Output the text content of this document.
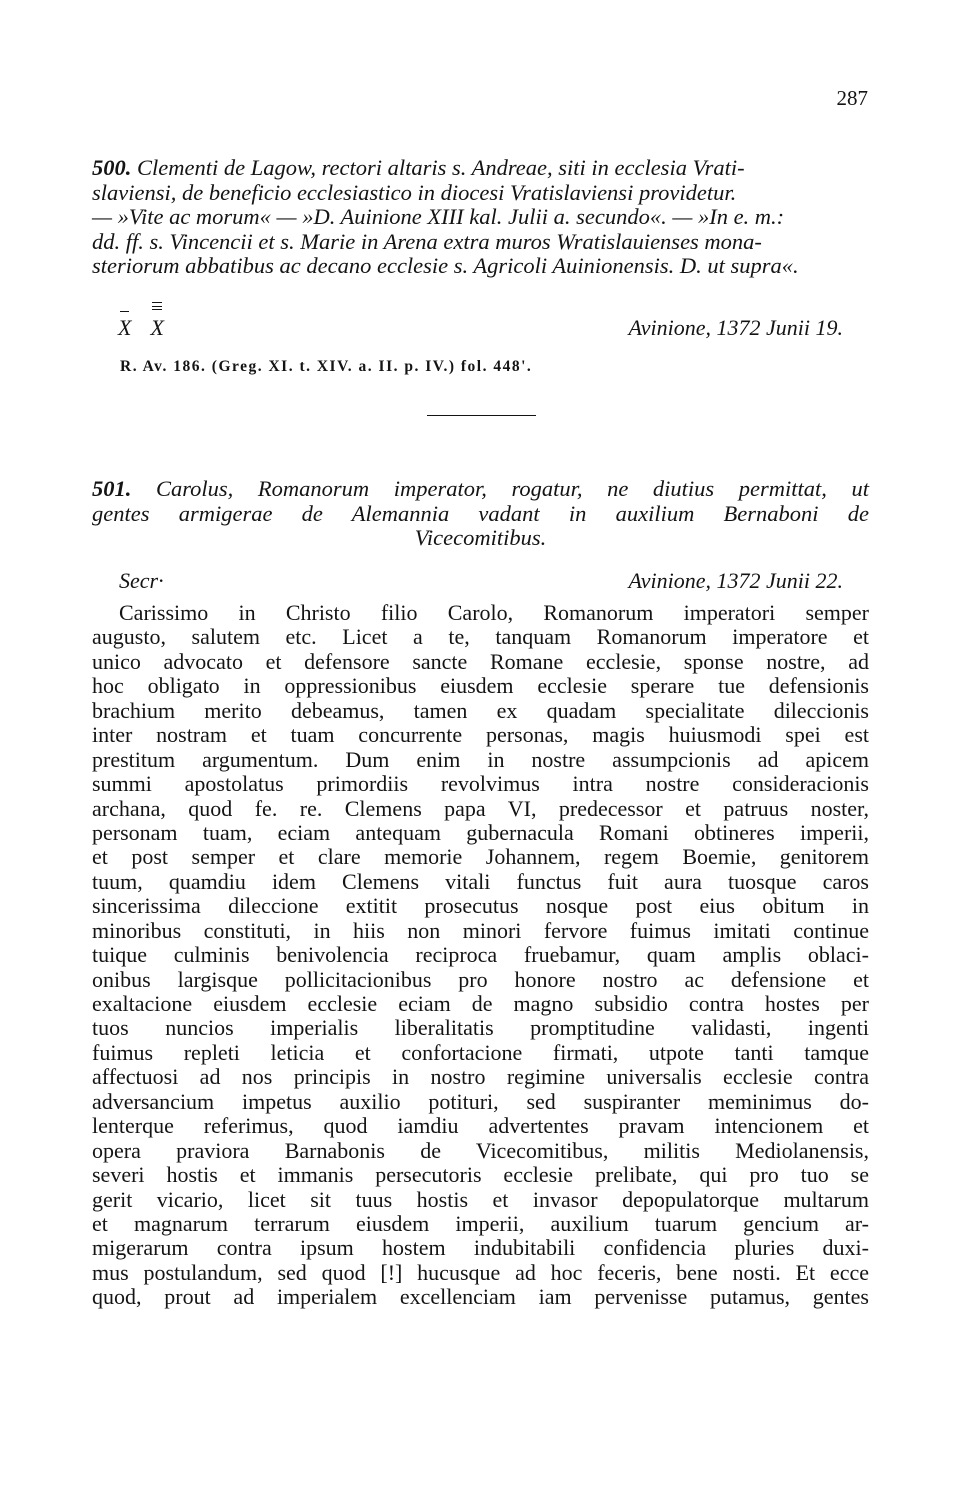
287
500. Clementi de Lagow, rectori altaris s. Andreae, siti in ecclesia Vrati-
slaviensi, de beneficio ecclesiastico in diocesi Vratislaviensi providetur.
— »Vite ac morum« — »D. Auinione XIII kal. Julii a. secundo«. — »In e. m.:
dd. ff. s. Vincencii et s. Marie in Arena extra muros Wratislauienses mona-
steriorum abbatibus ac decano ecclesie s. Agricoli Auinionensis. D. ut supra«.
X X	Avinione, 1372 Junii 19.
R. Av. 186. (Greg. XI. t. XIV. a. II. p. IV.) fol. 448'.
501. Carolus, Romanorum imperator, rogatur, ne diutius permittat, ut
gentes armigerae de Alemannia vadant in auxilium Bernaboni de
Vicecomitibus.
Secr·	Avinione, 1372 Junii 22.
Carissimo in Christo filio Carolo, Romanorum imperatori semper
augusto, salutem etc. Licet a te, tanquam Romanorum imperatore et
unico advocato et defensore sancte Romane ecclesie, sponse nostre, ad
hoc obligato in oppressionibus eiusdem ecclesie sperare tue defensionis
brachium merito debeamus, tamen ex quadam specialitate dileccionis
inter nostram et tuam concurrente personas, magis huiusmodi spei est
prestitum argumentum. Dum enim in nostre assumpcionis ad apicem
summi apostolatus primordiis revolvimus intra nostre consideracionis
archana, quod fe. re. Clemens papa VI, predecessor et patruus noster,
personam tuam, eciam antequam gubernacula Romani obtineres imperii,
et post semper et clare memorie Johannem, regem Boemie, genitorem
tuum, quamdiu idem Clemens vitali functus fuit aura tuosque caros
sincerissima dileccione extitit prosecutus nosque post eius obitum in
minoribus constituti, in hiis non minori fervore fuimus imitati continue
tuique culminis benivolencia reciproca fruebamur, quam amplis oblaci-
onibus largisque pollicitacionibus pro honore nostro ac defensione et
exaltacione eiusdem ecclesie eciam de magno subsidio contra hostes per
tuos nuncios imperialis liberalitatis promptitudine validasti, ingenti
fuimus repleti leticia et confortacione firmati, utpote tanti tamque
affectuosi ad nos principis in nostro regimine universalis ecclesie contra
adversancium impetus auxilio potituri, sed suspiranter meminimus do-
lenterque referimus, quod iamdiu advertentes pravam intencionem et
opera praviora Barnabonis de Vicecomitibus, militis Mediolanensis,
severi hostis et immanis persecutoris ecclesie prelibate, qui pro tuo se
gerit vicario, licet sit tuus hostis et invasor depopulatorque multarum
et magnarum terrarum eiusdem imperii, auxilium tuarum gencium ar-
migerarum contra ipsum hostem indubitabili confidencia pluries duxi-
mus postulandum, sed quod [!] hucusque ad hoc feceris, bene nosti. Et ecce
quod, prout ad imperialem excellenciam iam pervenisse putamus, gentes
